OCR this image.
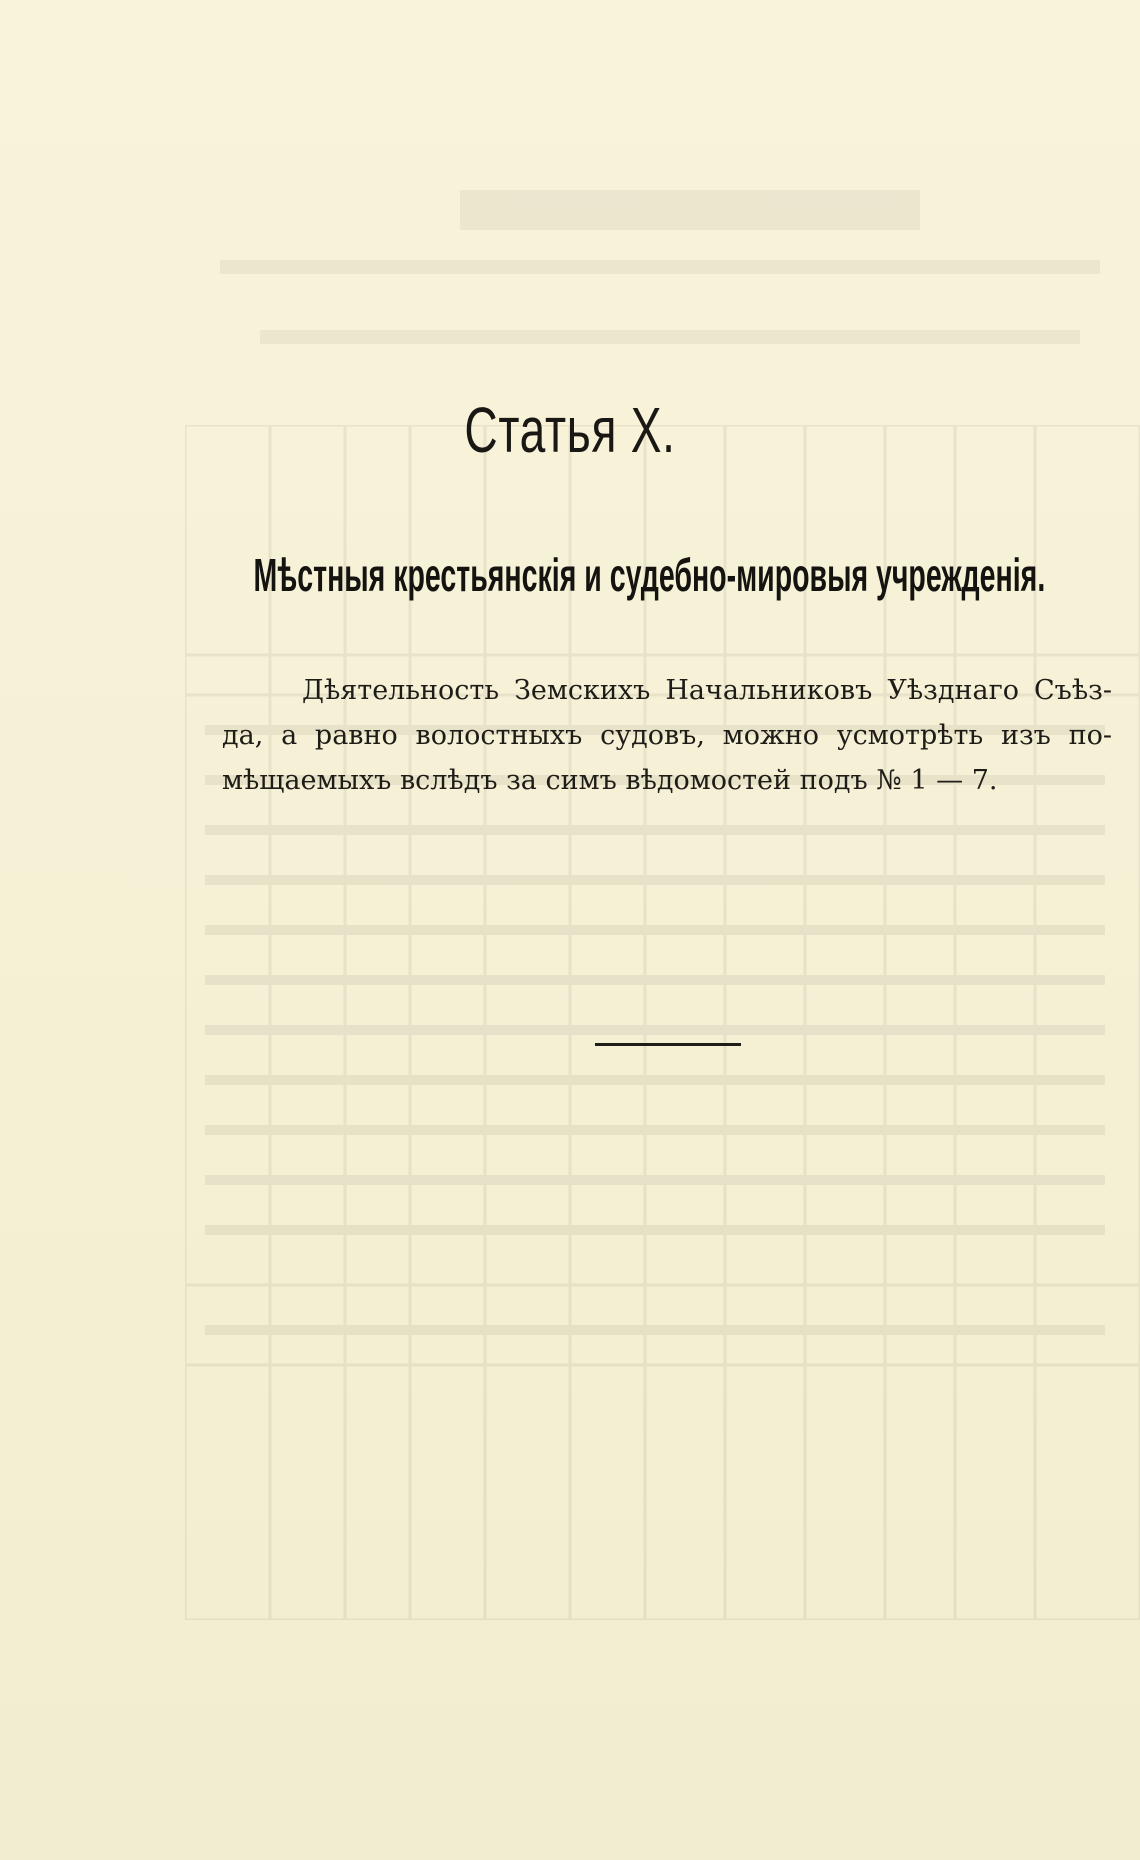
Статья X.
Мѣстныя крестьянскія и судебно-мировыя учрежденія.
Дѣятельность Земскихъ Начальниковъ Уѣзднаго Съѣз-
да, а равно волостныхъ судовъ, можно усмотрѣть изъ по-
мѣщаемыхъ вслѣдъ за симъ вѣдомостей подъ № 1 — 7.
